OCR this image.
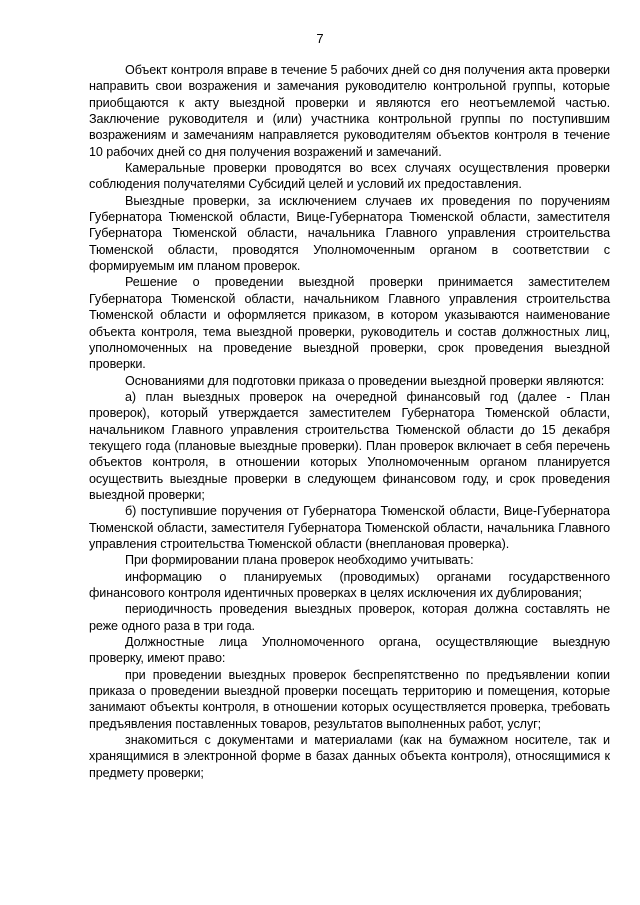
7

Объект контроля вправе в течение 5 рабочих дней со дня получения акта проверки направить свои возражения и замечания руководителю контрольной группы, которые приобщаются к акту выездной проверки и являются его неотъемлемой частью. Заключение руководителя и (или) участника контрольной группы по поступившим возражениям и замечаниям направляется руководителям объектов контроля в течение 10 рабочих дней со дня получения возражений и замечаний.

Камеральные проверки проводятся во всех случаях осуществления проверки соблюдения получателями Субсидий целей и условий их предоставления.

Выездные проверки, за исключением случаев их проведения по поручениям Губернатора Тюменской области, Вице-Губернатора Тюменской области, заместителя Губернатора Тюменской области, начальника Главного управления строительства Тюменской области, проводятся Уполномоченным органом в соответствии с формируемым им планом проверок.

Решение о проведении выездной проверки принимается заместителем Губернатора Тюменской области, начальником Главного управления строительства Тюменской области и оформляется приказом, в котором указываются наименование объекта контроля, тема выездной проверки, руководитель и состав должностных лиц, уполномоченных на проведение выездной проверки, срок проведения выездной проверки.

Основаниями для подготовки приказа о проведении выездной проверки являются:

а) план выездных проверок на очередной финансовый год (далее - План проверок), который утверждается заместителем Губернатора Тюменской области, начальником Главного управления строительства Тюменской области до 15 декабря текущего года (плановые выездные проверки). План проверок включает в себя перечень объектов контроля, в отношении которых Уполномоченным органом планируется осуществить выездные проверки в следующем финансовом году, и срок проведения выездной проверки;

б) поступившие поручения от Губернатора Тюменской области, Вице-Губернатора Тюменской области, заместителя Губернатора Тюменской области, начальника Главного управления строительства Тюменской области (внеплановая проверка).

При формировании плана проверок необходимо учитывать:

информацию о планируемых (проводимых) органами государственного финансового контроля идентичных проверках в целях исключения их дублирования;

периодичность проведения выездных проверок, которая должна составлять не реже одного раза в три года.

Должностные лица Уполномоченного органа, осуществляющие выездную проверку, имеют право:

при проведении выездных проверок беспрепятственно по предъявлении копии приказа о проведении выездной проверки посещать территорию и помещения, которые занимают объекты контроля, в отношении которых осуществляется проверка, требовать предъявления поставленных товаров, результатов выполненных работ, услуг;

знакомиться с документами и материалами (как на бумажном носителе, так и хранящимися в электронной форме в базах данных объекта контроля), относящимися к предмету проверки;
